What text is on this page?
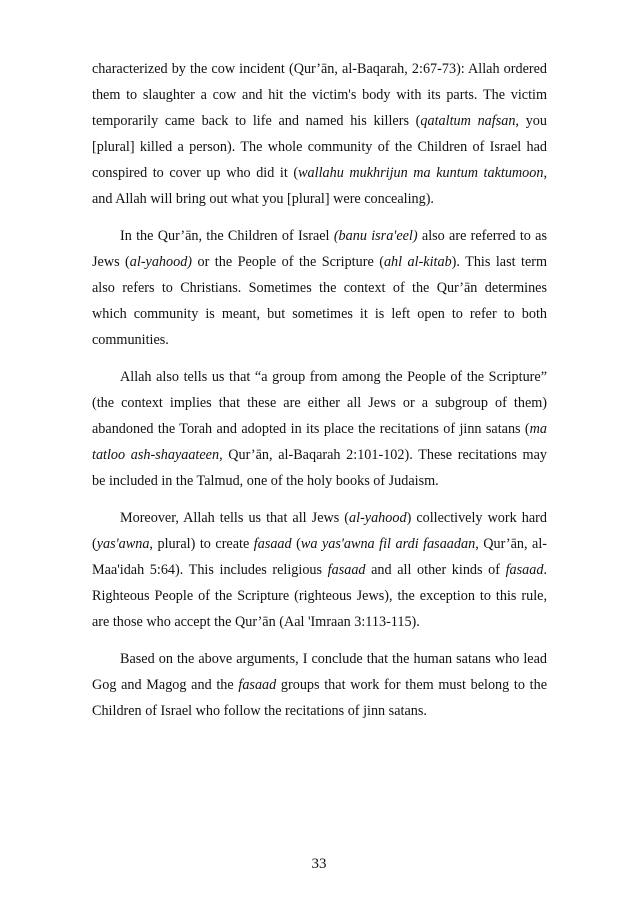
characterized by the cow incident (Qur’ān, al-Baqarah, 2:67-73): Allah ordered them to slaughter a cow and hit the victim's body with its parts. The victim temporarily came back to life and named his killers (qataltum nafsan, you [plural] killed a person). The whole community of the Children of Israel had conspired to cover up who did it (wallahu mukhrijun ma kuntum taktumoon, and Allah will bring out what you [plural] were concealing).

In the Qur’ān, the Children of Israel (banu isra'eel) also are referred to as Jews (al-yahood) or the People of the Scripture (ahl al-kitab). This last term also refers to Christians. Sometimes the context of the Qur’ān determines which community is meant, but sometimes it is left open to refer to both communities.

Allah also tells us that “a group from among the People of the Scripture” (the context implies that these are either all Jews or a subgroup of them) abandoned the Torah and adopted in its place the recitations of jinn satans (ma tatloo ash-shayaateen, Qur’ān, al-Baqarah 2:101-102). These recitations may be included in the Talmud, one of the holy books of Judaism.

Moreover, Allah tells us that all Jews (al-yahood) collectively work hard (yas'awna, plural) to create fasaad (wa yas'awna fil ardi fasaadan, Qur’ān, al-Maa'idah 5:64). This includes religious fasaad and all other kinds of fasaad. Righteous People of the Scripture (righteous Jews), the exception to this rule, are those who accept the Qur’ān (Aal 'Imraan 3:113-115).

Based on the above arguments, I conclude that the human satans who lead Gog and Magog and the fasaad groups that work for them must belong to the Children of Israel who follow the recitations of jinn satans.

33
